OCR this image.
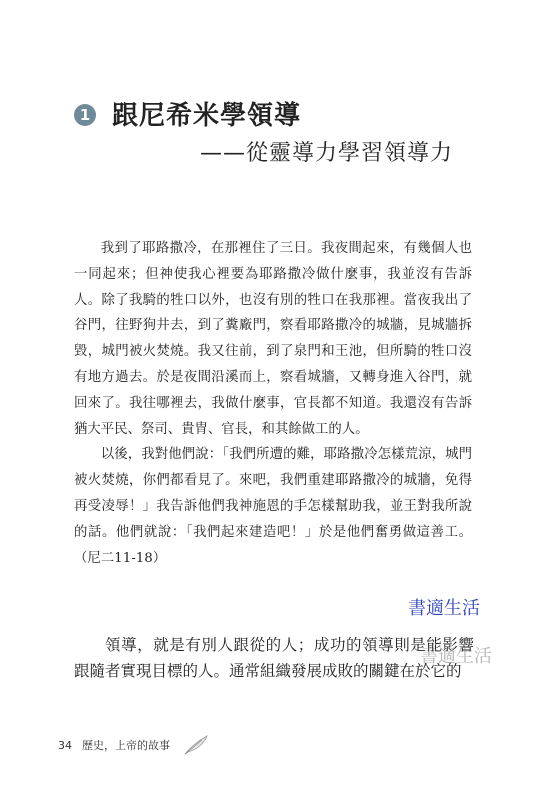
1 跟尼希米學領導
——從靈導力學習領導力

我到了耶路撒冷，在那裡住了三日。我夜間起來，有幾個人也一同起來；但神使我心裡要為耶路撒冷做什麼事，我並沒有告訴人。除了我騎的牲口以外，也沒有別的牲口在我那裡。當夜我出了谷門，往野狗井去，到了糞廠門，察看耶路撒冷的城牆，見城牆拆毀，城門被火焚燒。我又往前，到了泉門和王池，但所騎的牲口沒有地方過去。於是夜間沿溪而上，察看城牆，又轉身進入谷門，就回來了。我往哪裡去，我做什麼事，官長都不知道。我還沒有告訴猶大平民、祭司、貴胄、官長，和其餘做工的人。

以後，我對他們說：「我們所遭的難，耶路撒冷怎樣荒涼，城門被火焚燒，你們都看見了。來吧，我們重建耶路撒冷的城牆，免得再受凌辱！」我告訴他們我神施恩的手怎樣幫助我，並王對我所說的話。他們就說：「我們起來建造吧！」於是他們奮勇做這善工。（尼二11-18）

書適生活

領導，就是有別人跟從的人；成功的領導則是能影響跟隨者實現目標的人。通常組織發展成敗的關鍵在於它的

書適生活
34 歷史，上帝的故事
